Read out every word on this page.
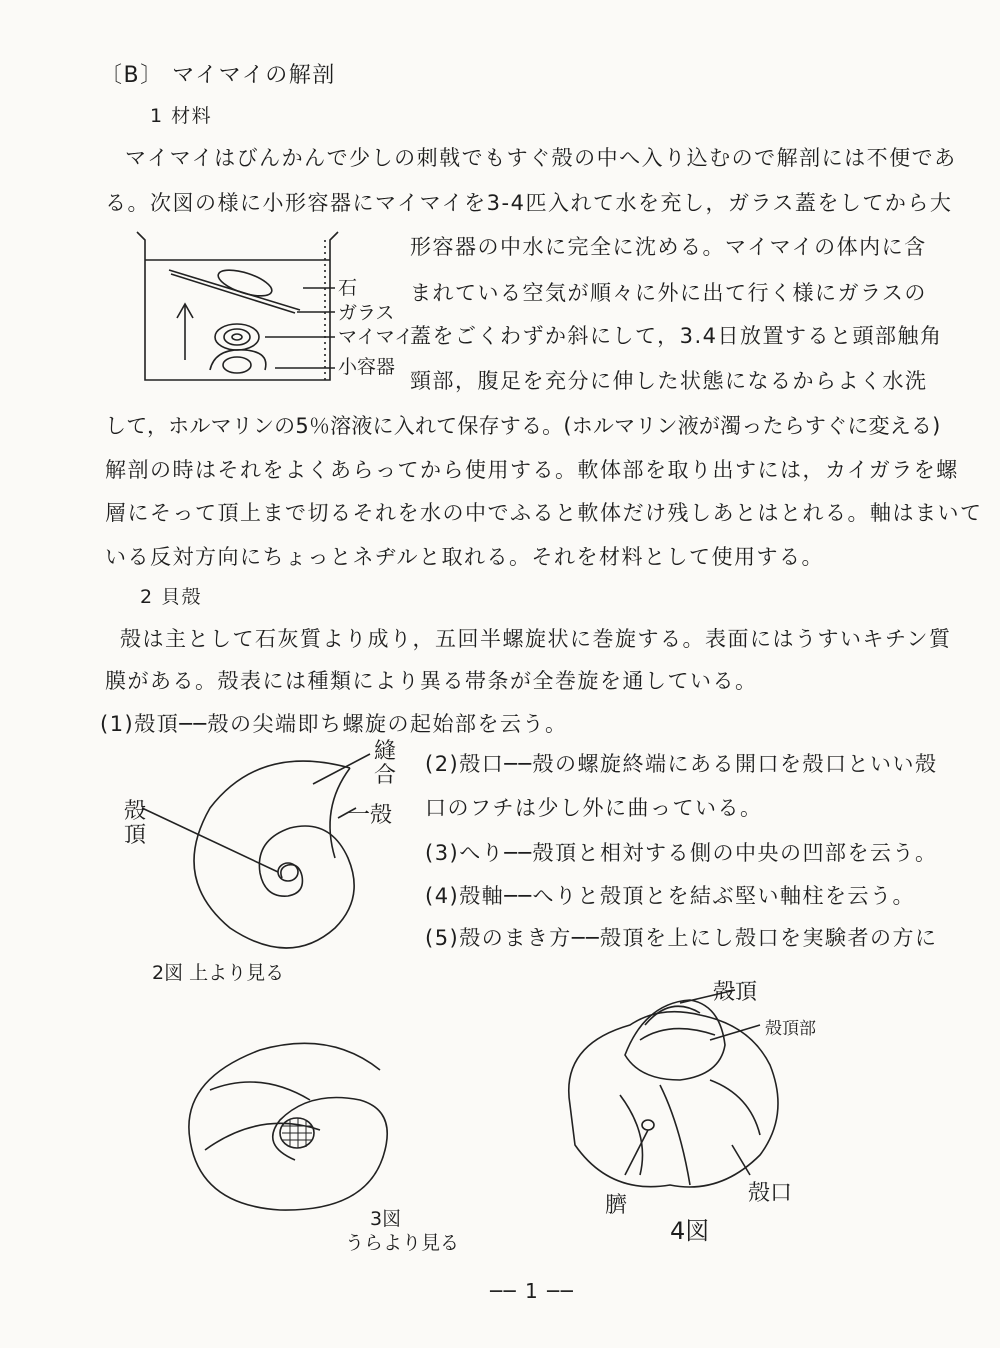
〔B〕 マイマイの解剖
1 材料
マイマイはびんかんで少しの刺戟でもすぐ殻の中へ入り込むので解剖には不便であ
る。次図の様に小形容器にマイマイを3-4匹入れて水を充し，ガラス蓋をしてから大
形容器の中水に完全に沈める。マイマイの体内に含
まれている空気が順々に外に出て行く様にガラスの
蓋をごくわずか斜にして，3.4日放置すると頭部触角
頸部，腹足を充分に伸した状態になるからよく水洗
して，ホルマリンの5％溶液に入れて保存する。(ホルマリン液が濁ったらすぐに変える)
解剖の時はそれをよくあらってから使用する。軟体部を取り出すには，カイガラを螺
層にそって頂上まで切るそれを水の中でふると軟体だけ残しあとはとれる。軸はまいて
いる反対方向にちょっとネヂルと取れる。それを材料として使用する。
石
ガラス
マイマイ
小容器
2 貝殻
殻は主として石灰質より成り，五回半螺旋状に巻旋する。表面にはうすいキチン質
膜がある。殻表には種類により異る帯条が全巻旋を通している。
(1)殻頂──殻の尖端即ち螺旋の起始部を云う。
殻頂
縫合
一殻
2図 上より見る
(2)殻口──殻の螺旋終端にある開口を殻口といい殻
口のフチは少し外に曲っている。
(3)へり──殻頂と相対する側の中央の凹部を云う。
(4)殻軸──へりと殻頂とを結ぶ堅い軸柱を云う。
(5)殻のまき方──殻頂を上にし殻口を実験者の方に
3図
うらより見る
殻頂
殻頂部
殻口
臍
4図
── 1 ──
